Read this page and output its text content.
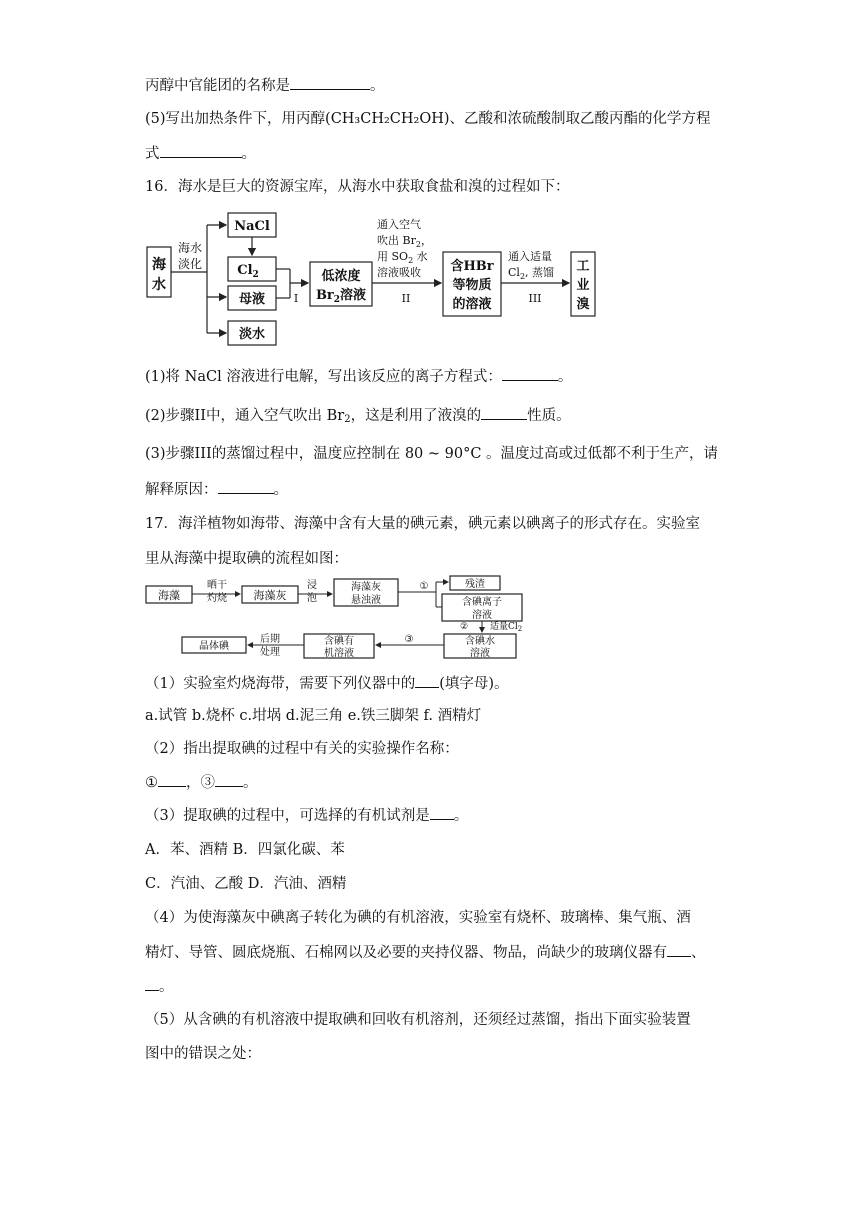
丙醇中官能团的名称是	。
(5)写出加热条件下，用丙醇(CH₃CH₂CH₂OH)、乙酸和浓硫酸制取乙酸丙酯的化学方程
式	。
16．海水是巨大的资源宝库，从海水中获取食盐和溴的过程如下：
海
水
海水
淡化
NaCl
$Cl_2$
母液
淡水
I
低浓度
$Br_2$溶液
通入空气
吹出 $Br_2$，
用 $SO_2$ 水
溶液吸收
II
含HBr
等物质
的溶液
通入适量
$Cl_2$, 蒸馏
III
工
业
溴
(1)将 NaCl 溶液进行电解，写出该反应的离子方程式：	。
(2)步骤II中，通入空气吹出 $Br_2$，这是利用了液溴的	性质。
(3)步骤III的蒸馏过程中，温度应控制在 80 ~ 90°C 。温度过高或过低都不利于生产，请
解释原因：	。
17．海洋植物如海带、海藻中含有大量的碘元素，碘元素以碘离子的形式存在。实验室
里从海藻中提取碘的流程如图：
海藻
晒干
灼烧 海藻灰
浸
泡
海藻灰
悬浊液
①	残渣
含碘离子
溶液
② 适量$Cl_2$
含碘水
溶液
③
含碘有
机溶液
后期
处理
晶体碘
（1）实验室灼烧海带，需要下列仪器中的 (填字母)。
a.试管 b.烧杯 c.坩埚 d.泥三角 e.铁三脚架 f. 酒精灯
（2）指出提取碘的过程中有关的实验操作名称：
① ，③ 。
（3）提取碘的过程中，可选择的有机试剂是 。
A．苯、酒精 B．四氯化碳、苯
C．汽油、乙酸 D．汽油、酒精
（4）为使海藻灰中碘离子转化为碘的有机溶液，实验室有烧杯、玻璃棒、集气瓶、酒
精灯、导管、圆底烧瓶、石棉网以及必要的夹持仪器、物品，尚缺少的玻璃仪器有 、
。
（5）从含碘的有机溶液中提取碘和回收有机溶剂，还须经过蒸馏，指出下面实验装置
图中的错误之处：
